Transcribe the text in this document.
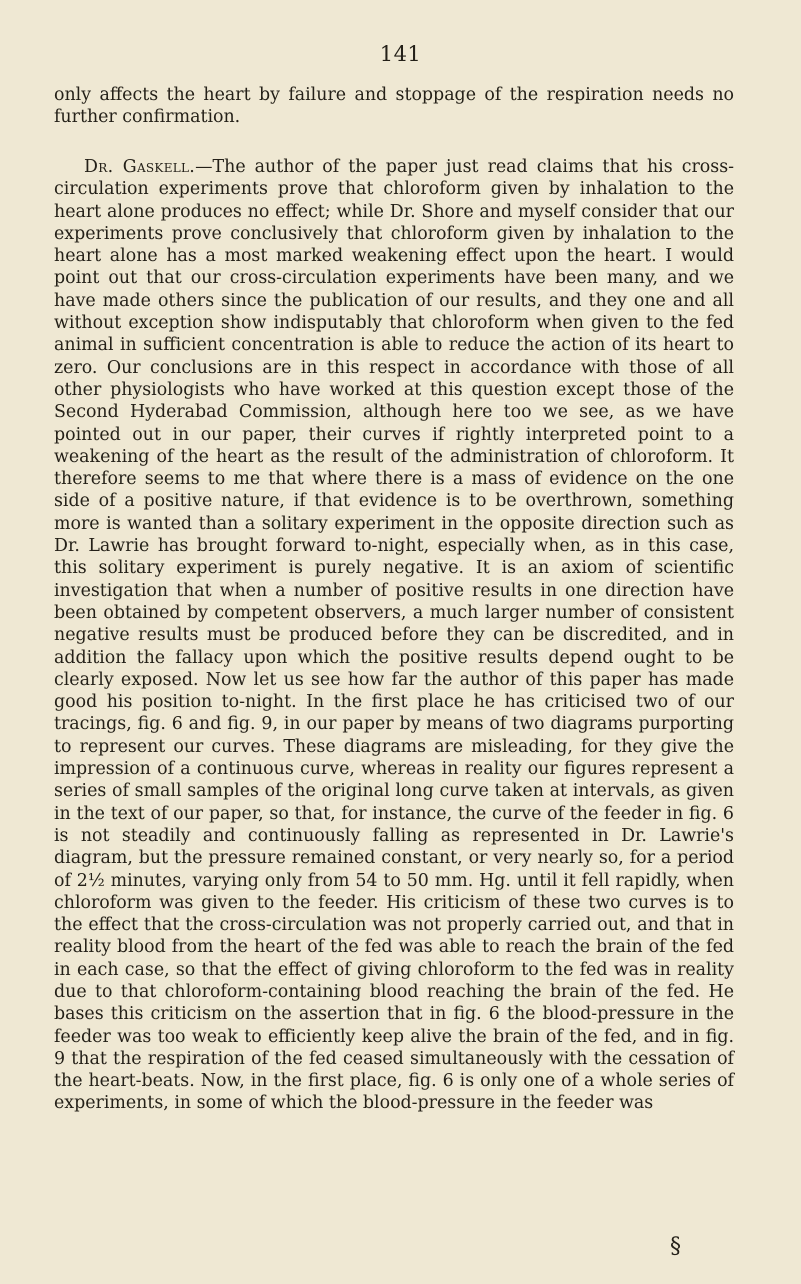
141
only affects the heart by failure and stoppage of the respiration needs no further confirmation.
Dr. Gaskell.—The author of the paper just read claims that his cross-circulation experiments prove that chloroform given by inhalation to the heart alone produces no effect; while Dr. Shore and myself consider that our experiments prove conclusively that chloroform given by inhalation to the heart alone has a most marked weakening effect upon the heart. I would point out that our cross-circulation experiments have been many, and we have made others since the publication of our results, and they one and all without exception show indisputably that chloroform when given to the fed animal in sufficient concentration is able to reduce the action of its heart to zero. Our conclusions are in this respect in accordance with those of all other physiologists who have worked at this question except those of the Second Hyderabad Commission, although here too we see, as we have pointed out in our paper, their curves if rightly interpreted point to a weakening of the heart as the result of the administration of chloroform. It therefore seems to me that where there is a mass of evidence on the one side of a positive nature, if that evidence is to be overthrown, something more is wanted than a solitary experiment in the opposite direction such as Dr. Lawrie has brought forward to-night, especially when, as in this case, this solitary experiment is purely negative. It is an axiom of scientific investigation that when a number of positive results in one direction have been obtained by competent observers, a much larger number of consistent negative results must be produced before they can be discredited, and in addition the fallacy upon which the positive results depend ought to be clearly exposed. Now let us see how far the author of this paper has made good his position to-night. In the first place he has criticised two of our tracings, fig. 6 and fig. 9, in our paper by means of two diagrams purporting to represent our curves. These diagrams are misleading, for they give the impression of a continuous curve, whereas in reality our figures represent a series of small samples of the original long curve taken at intervals, as given in the text of our paper, so that, for instance, the curve of the feeder in fig. 6 is not steadily and continuously falling as represented in Dr. Lawrie's diagram, but the pressure remained constant, or very nearly so, for a period of 2½ minutes, varying only from 54 to 50 mm. Hg. until it fell rapidly, when chloroform was given to the feeder. His criticism of these two curves is to the effect that the cross-circulation was not properly carried out, and that in reality blood from the heart of the fed was able to reach the brain of the fed in each case, so that the effect of giving chloroform to the fed was in reality due to that chloroform-containing blood reaching the brain of the fed. He bases this criticism on the assertion that in fig. 6 the blood-pressure in the feeder was too weak to efficiently keep alive the brain of the fed, and in fig. 9 that the respiration of the fed ceased simultaneously with the cessation of the heart-beats. Now, in the first place, fig. 6 is only one of a whole series of experiments, in some of which the blood-pressure in the feeder was
§
